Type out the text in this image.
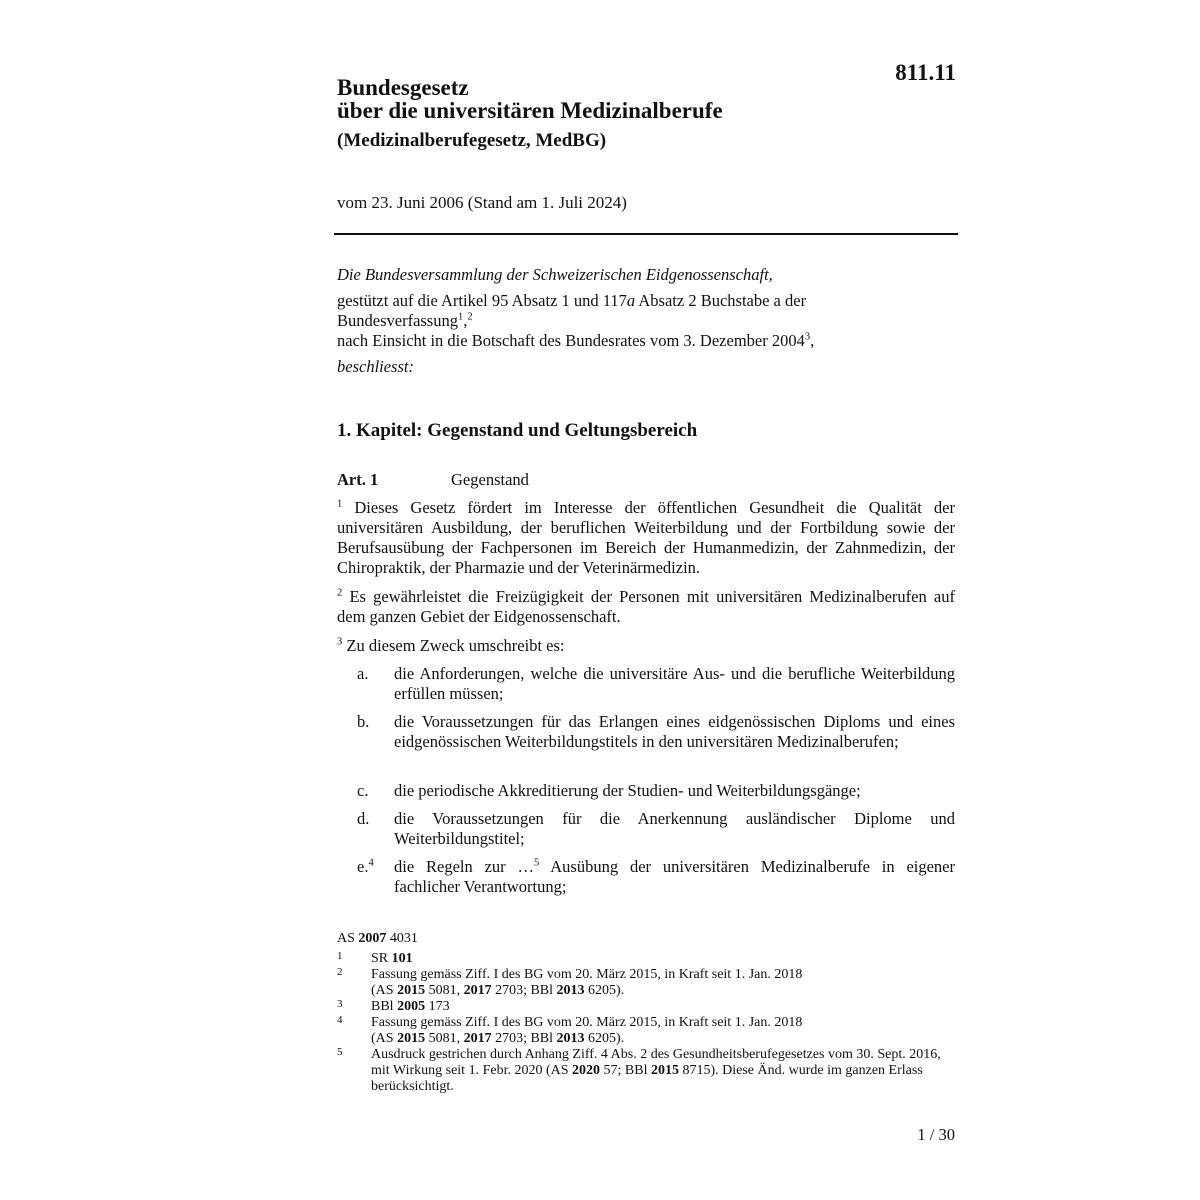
811.11
Bundesgesetz
über die universitären Medizinalberufe
(Medizinalberufegesetz, MedBG)
vom 23. Juni 2006 (Stand am 1. Juli 2024)
Die Bundesversammlung der Schweizerischen Eidgenossenschaft,
gestützt auf die Artikel 95 Absatz 1 und 117a Absatz 2 Buchstabe a der
Bundesverfassung$^1$,$^2$
nach Einsicht in die Botschaft des Bundesrates vom 3. Dezember 2004$^3$,
beschliesst:
1. Kapitel: Gegenstand und Geltungsbereich
Art. 1	Gegenstand
$^1$ Dieses Gesetz fördert im Interesse der öffentlichen Gesundheit die Qualität der universitären Ausbildung, der beruflichen Weiterbildung und der Fortbildung sowie der Berufsausübung der Fachpersonen im Bereich der Humanmedizin, der Zahnmedizin, der Chiropraktik, der Pharmazie und der Veterinärmedizin.
$^2$ Es gewährleistet die Freizügigkeit der Personen mit universitären Medizinalberufen auf dem ganzen Gebiet der Eidgenossenschaft.
$^3$ Zu diesem Zweck umschreibt es:
a. die Anforderungen, welche die universitäre Aus- und die berufliche Weiterbildung erfüllen müssen;
b. die Voraussetzungen für das Erlangen eines eidgenössischen Diploms und eines eidgenössischen Weiterbildungstitels in den universitären Medizinalberufen;
c. die periodische Akkreditierung der Studien- und Weiterbildungsgänge;
d. die Voraussetzungen für die Anerkennung ausländischer Diplome und Weiterbildungstitel;
e.$^4$ die Regeln zur …$^5$ Ausübung der universitären Medizinalberufe in eigener fachlicher Verantwortung;
AS 2007 4031
1 SR 101
2 Fassung gemäss Ziff. I des BG vom 20. März 2015, in Kraft seit 1. Jan. 2018
(AS 2015 5081, 2017 2703; BBl 2013 6205).
3 BBl 2005 173
4 Fassung gemäss Ziff. I des BG vom 20. März 2015, in Kraft seit 1. Jan. 2018
(AS 2015 5081, 2017 2703; BBl 2013 6205).
5 Ausdruck gestrichen durch Anhang Ziff. 4 Abs. 2 des Gesundheitsberufegesetzes vom 30. Sept. 2016, mit Wirkung seit 1. Febr. 2020 (AS 2020 57; BBl 2015 8715). Diese Änd. wurde im ganzen Erlass berücksichtigt.
1 / 30
